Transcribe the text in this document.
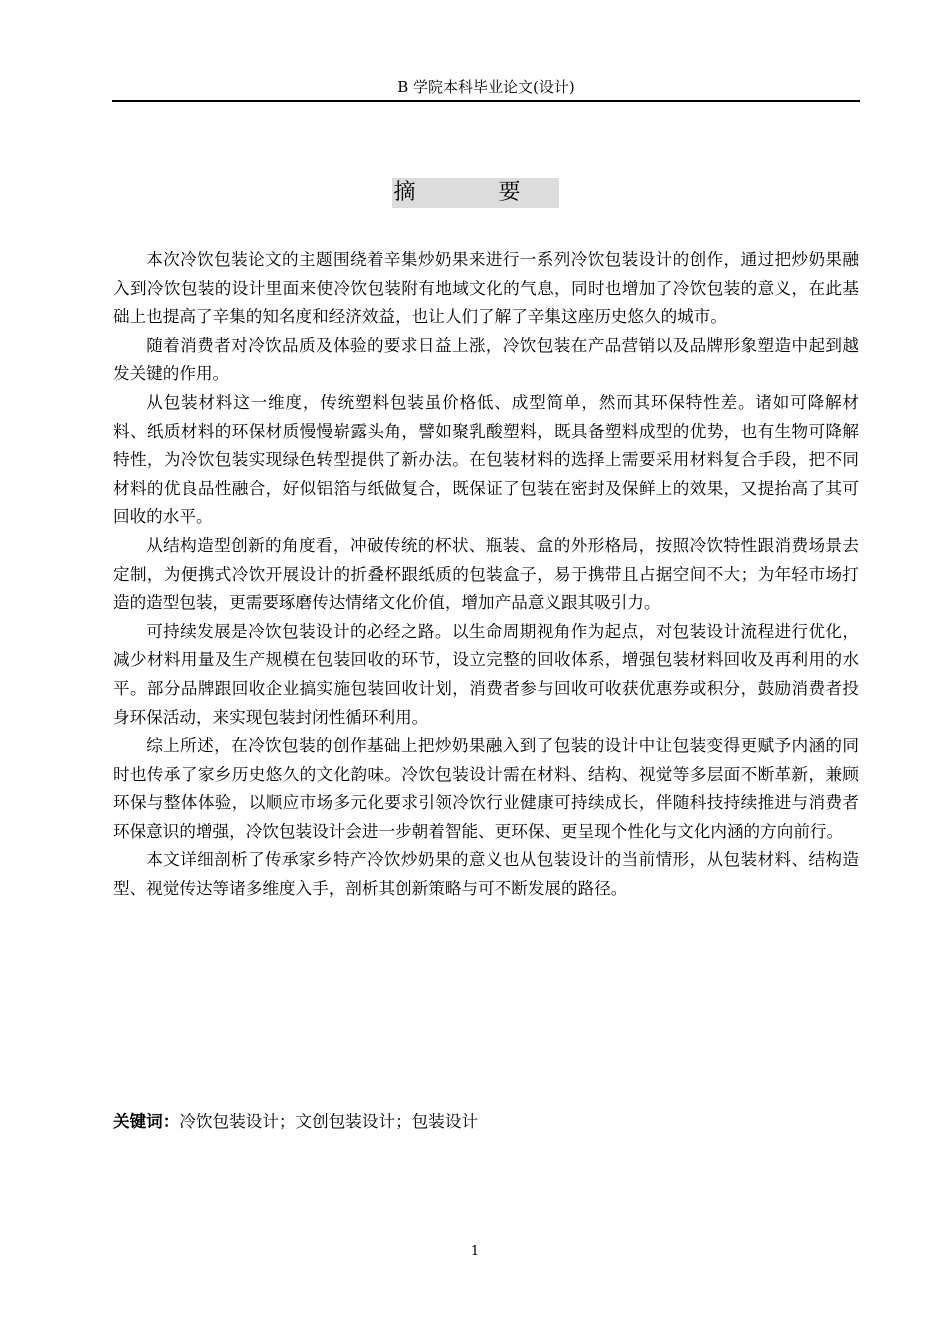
B 学院本科毕业论文(设计)
摘 要

本次冷饮包装论文的主题围绕着辛集炒奶果来进行一系列冷饮包装设计的创作，通过把炒奶果融入到冷饮包装的设计里面来使冷饮包装附有地域文化的气息，同时也增加了冷饮包装的意义，在此基础上也提高了辛集的知名度和经济效益，也让人们了解了辛集这座历史悠久的城市。

随着消费者对冷饮品质及体验的要求日益上涨，冷饮包装在产品营销以及品牌形象塑造中起到越发关键的作用。

从包装材料这一维度，传统塑料包装虽价格低、成型简单，然而其环保特性差。诸如可降解材料、纸质材料的环保材质慢慢崭露头角，譬如聚乳酸塑料，既具备塑料成型的优势，也有生物可降解特性，为冷饮包装实现绿色转型提供了新办法。在包装材料的选择上需要采用材料复合手段，把不同材料的优良品性融合，好似铝箔与纸做复合，既保证了包装在密封及保鲜上的效果，又提抬高了其可回收的水平。

从结构造型创新的角度看，冲破传统的杯状、瓶装、盒的外形格局，按照冷饮特性跟消费场景去定制，为便携式冷饮开展设计的折叠杯跟纸质的包装盒子，易于携带且占据空间不大；为年轻市场打造的造型包装，更需要琢磨传达情绪文化价值，增加产品意义跟其吸引力。

可持续发展是冷饮包装设计的必经之路。以生命周期视角作为起点，对包装设计流程进行优化，减少材料用量及生产规模在包装回收的环节，设立完整的回收体系，增强包装材料回收及再利用的水平。部分品牌跟回收企业搞实施包装回收计划，消费者参与回收可收获优惠券或积分，鼓励消费者投身环保活动，来实现包装封闭性循环利用。

综上所述，在冷饮包装的创作基础上把炒奶果融入到了包装的设计中让包装变得更赋予内涵的同时也传承了家乡历史悠久的文化韵味。冷饮包装设计需在材料、结构、视觉等多层面不断革新，兼顾环保与整体体验，以顺应市场多元化要求引领冷饮行业健康可持续成长，伴随科技持续推进与消费者环保意识的增强，冷饮包装设计会进一步朝着智能、更环保、更呈现个性化与文化内涵的方向前行。

本文详细剖析了传承家乡特产冷饮炒奶果的意义也从包装设计的当前情形，从包装材料、结构造型、视觉传达等诸多维度入手，剖析其创新策略与可不断发展的路径。

关键词：冷饮包装设计；文创包装设计；包装设计
1
